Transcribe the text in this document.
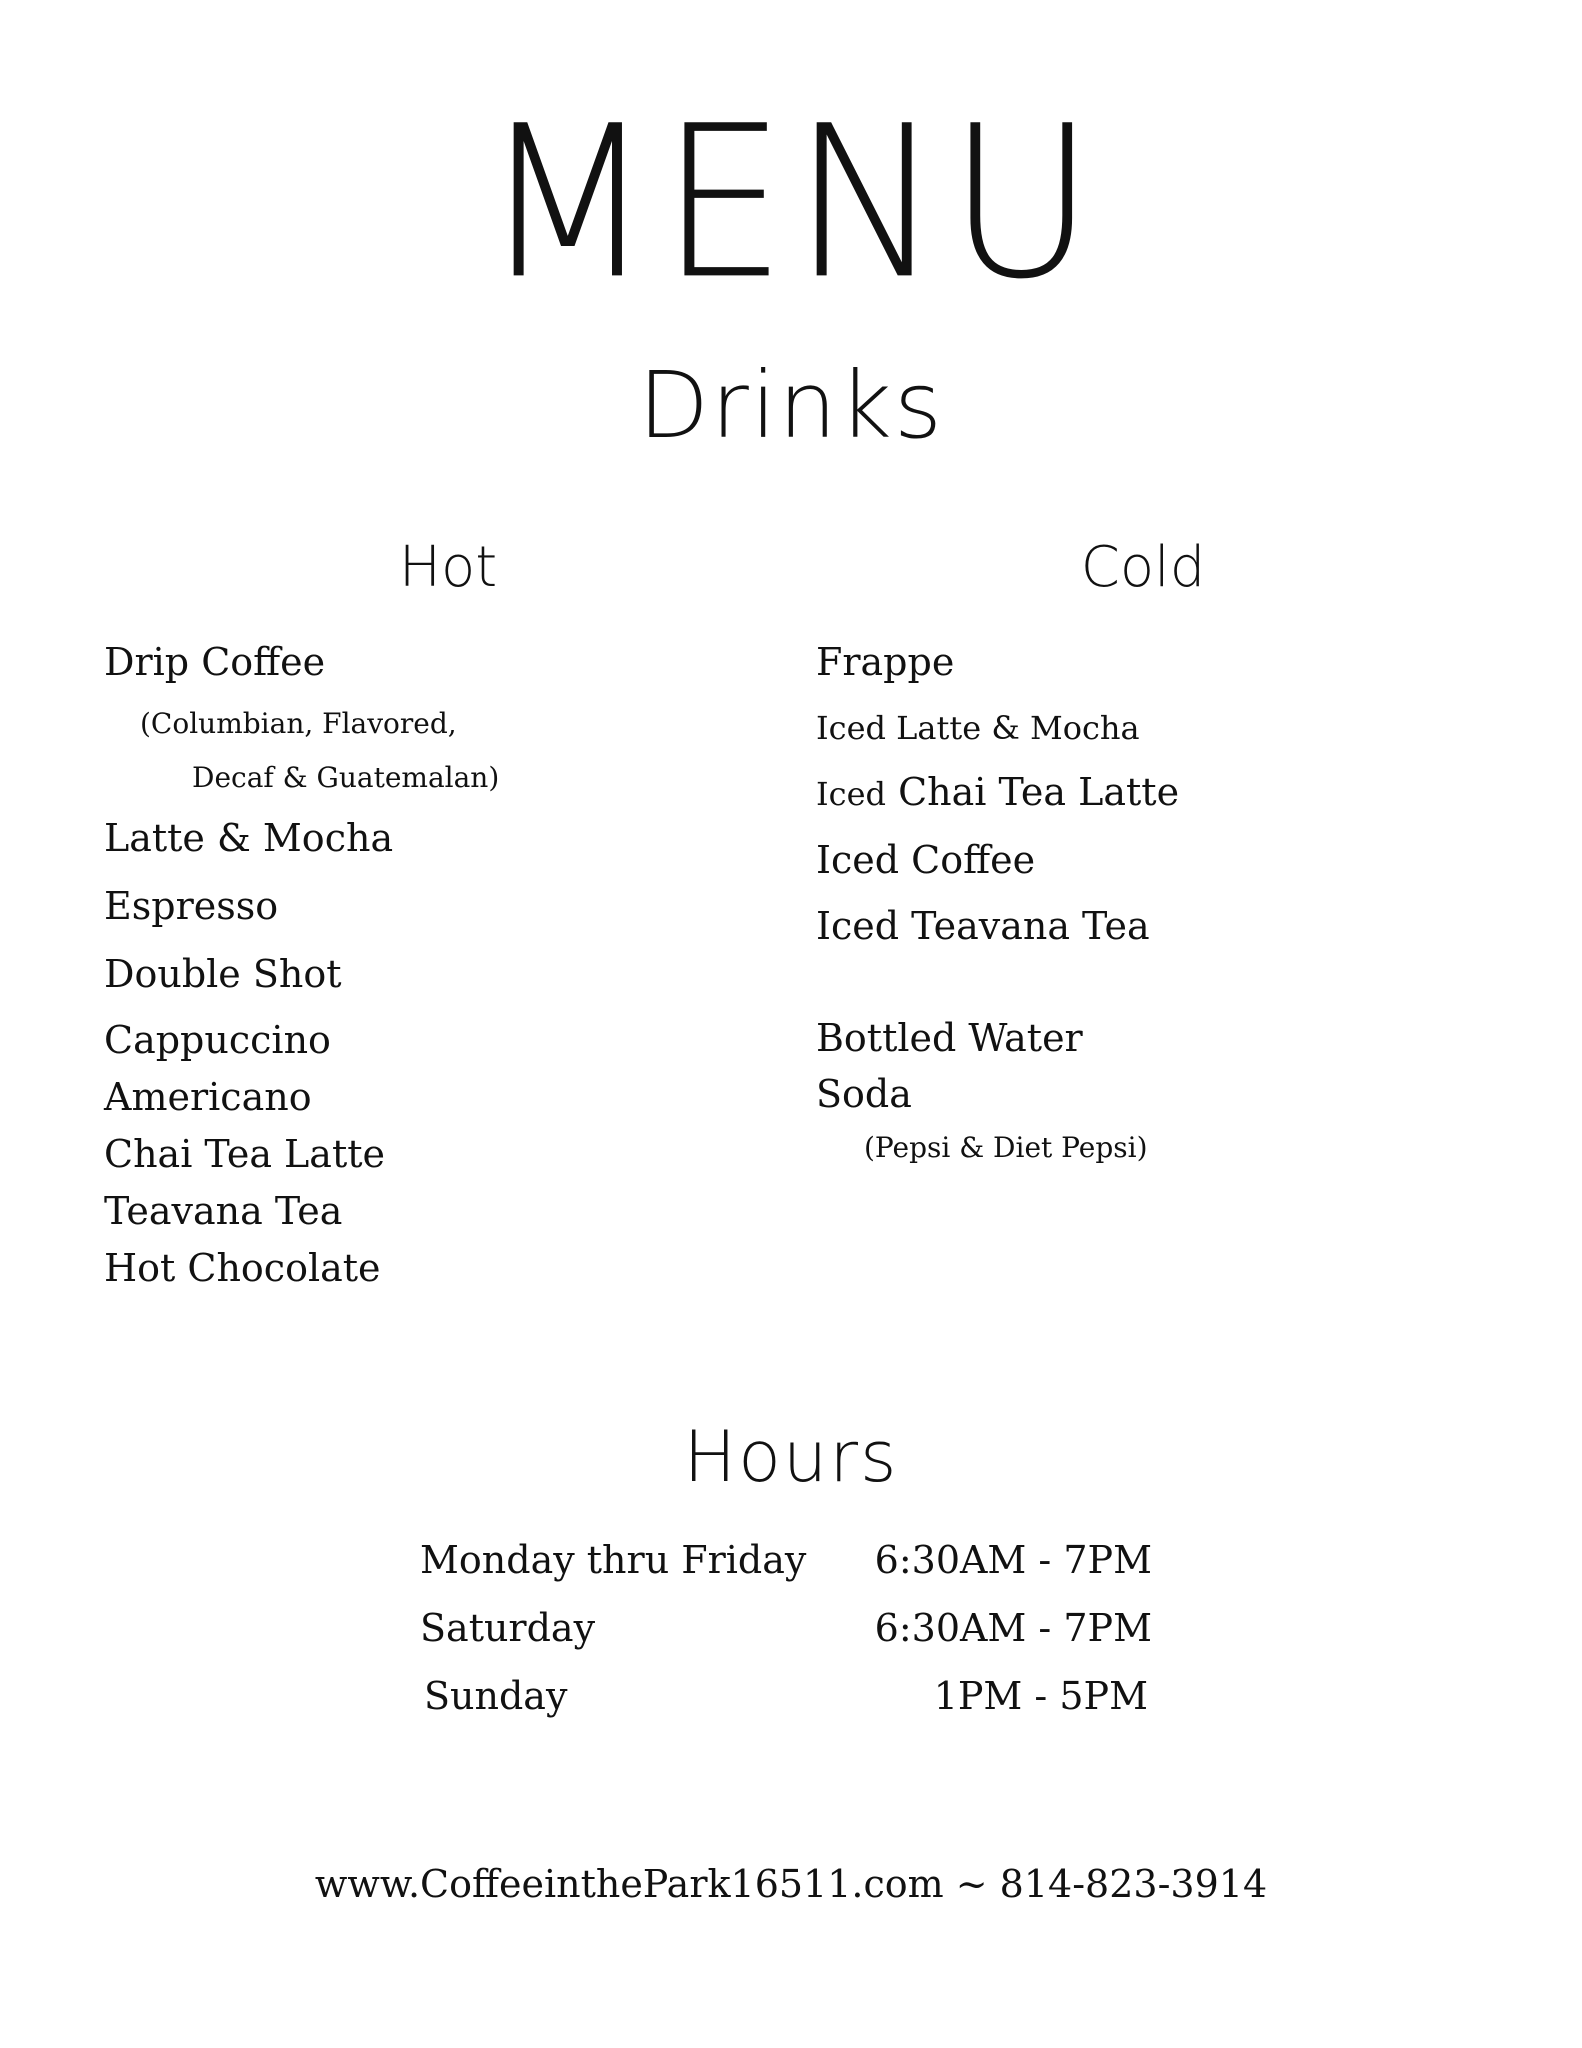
MENU
Drinks
Hot	Cold
Drip Coffee
(Columbian, Flavored,
Decaf & Guatemalan)
Latte & Mocha
Espresso
Double Shot
Cappuccino
Americano
Chai Tea Latte
Teavana Tea
Hot Chocolate
Frappe
Iced Latte & Mocha
Iced Chai Tea Latte
Iced Coffee
Iced Teavana Tea
Bottled Water
Soda
(Pepsi & Diet Pepsi)
Hours
Monday thru Friday	6:30AM - 7PM
Saturday	6:30AM - 7PM
Sunday	1PM - 5PM
www.CoffeeinthePark16511.com ~ 814-823-3914
